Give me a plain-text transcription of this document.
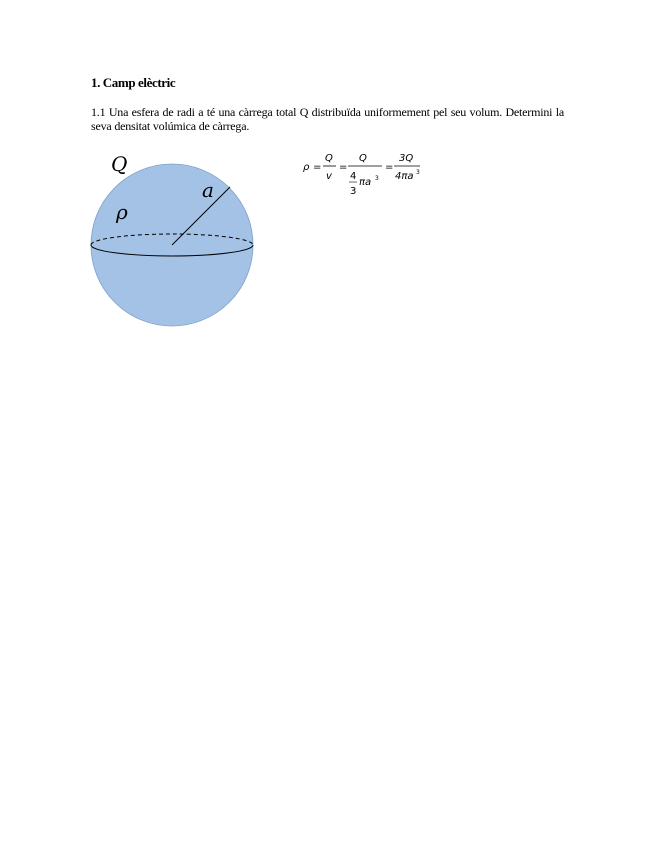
1. Camp elèctric
1.1 Una esfera de radi a té una càrrega total Q distribuïda uniformement pel seu volum. Determini la seva densitat volúmica de càrrega.
Q
ρ
a
ρ =
Q
v
=
Q
4
3
πa 3
=
3Q
4πa 3
